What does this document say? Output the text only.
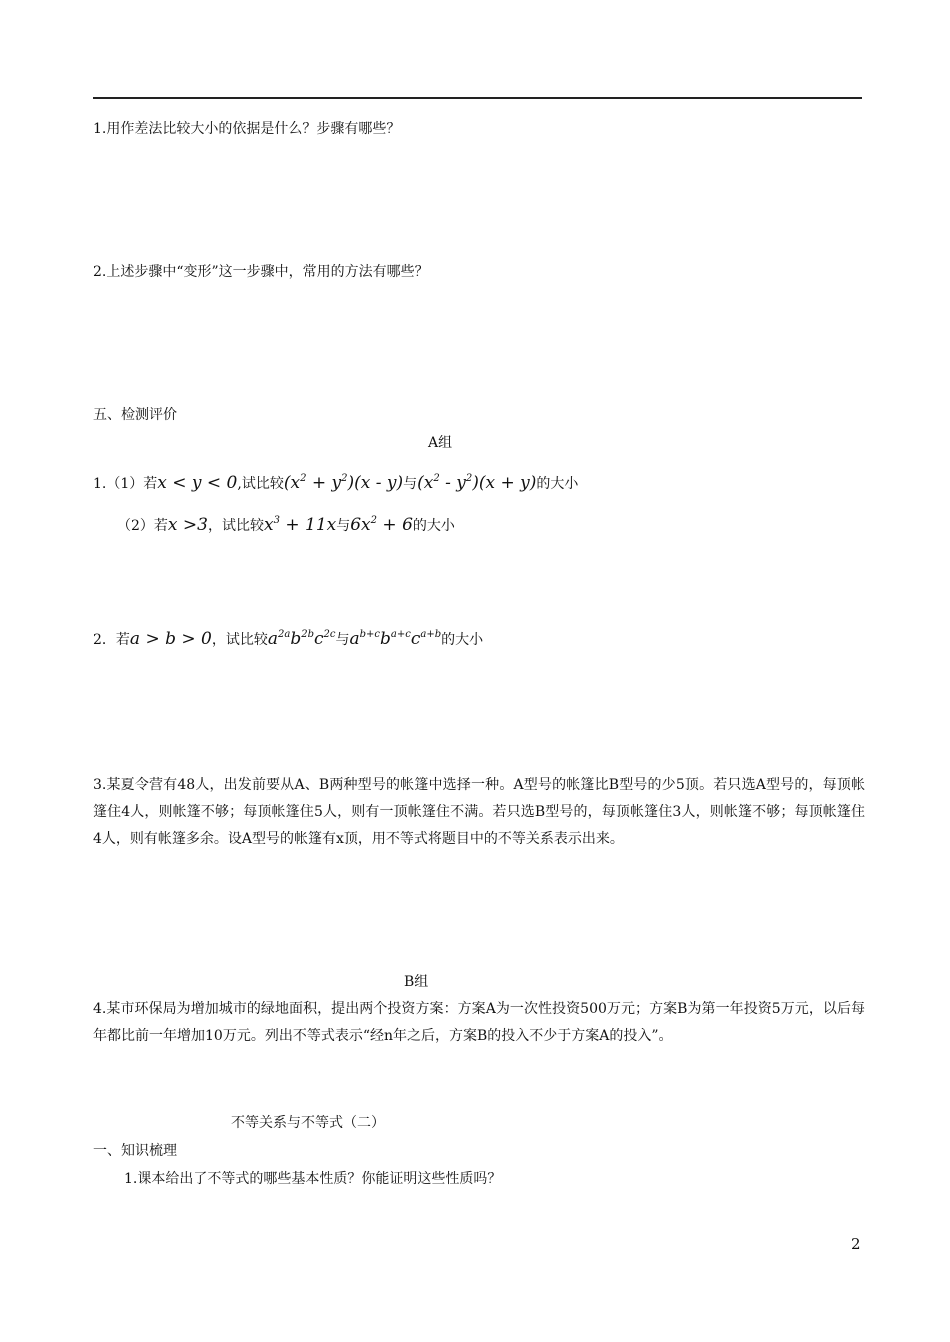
1.用作差法比较大小的依据是什么？步骤有哪些？
2.上述步骤中“变形”这一步骤中，常用的方法有哪些？
五、检测评价
A组
1.（1）若x < y < 0,试比较$(x^2 + y^2)(x - y)$与$(x^2 - y^2)(x + y)$的大小
（2）若x >3，试比较$x^3 + 11x$与$6x^2 + 6$的大小
2．若a > b > 0，试比较$a^{2a}b^{2b}c^{2c}$与$a^{b+c}b^{a+c}c^{a+b}$的大小
3.某夏令营有48人，出发前要从A、B两种型号的帐篷中选择一种。A型号的帐篷比B型号的少5顶。若只选A型号的，每顶帐篷住4人，则帐篷不够；每顶帐篷住5人，则有一顶帐篷住不满。若只选B型号的，每顶帐篷住3人，则帐篷不够；每顶帐篷住4人，则有帐篷多余。设A型号的帐篷有x顶，用不等式将题目中的不等关系表示出来。
B组
4.某市环保局为增加城市的绿地面积，提出两个投资方案：方案A为一次性投资500万元；方案B为第一年投资5万元，以后每年都比前一年增加10万元。列出不等式表示“经n年之后，方案B的投入不少于方案A的投入”。
不等关系与不等式（二）
一、知识梳理
1.课本给出了不等式的哪些基本性质？你能证明这些性质吗？
2
